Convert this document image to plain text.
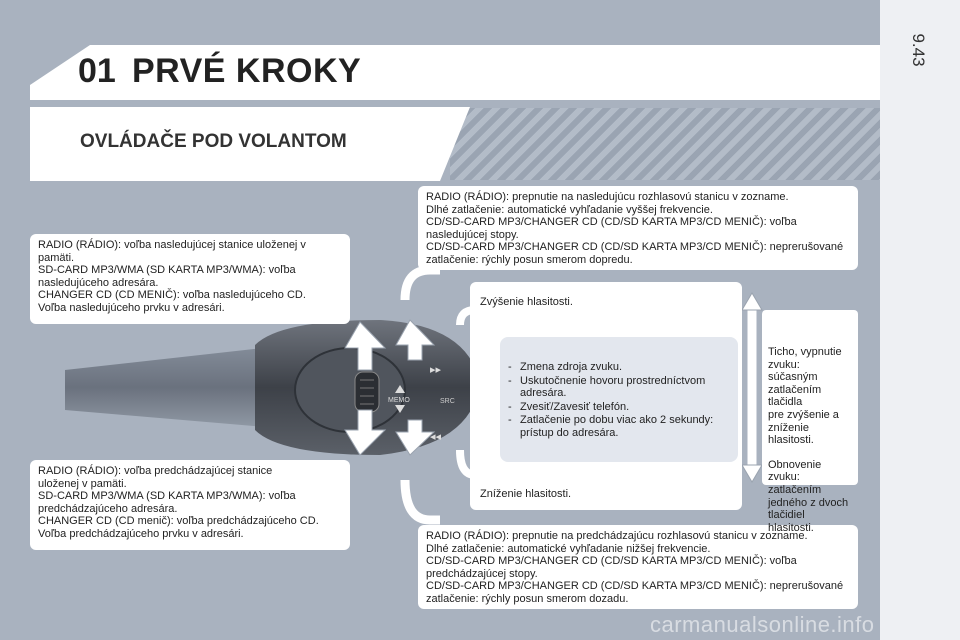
9.43
01 PRVÉ KROKY
OVLÁDAČE POD VOLANTOM
MEMO	SRC
▸▸
◂◂

RADIO (RÁDIO): voľba nasledujúcej stanice uloženej v
pamäti.
SD-CARD MP3/WMA (SD KARTA MP3/WMA): voľba
nasledujúceho adresára.
CHANGER CD (CD MENIČ): voľba nasledujúceho CD.
Voľba nasledujúceho prvku v adresári.

RADIO (RÁDIO): voľba predchádzajúcej stanice
uloženej v pamäti.
SD-CARD MP3/WMA (SD KARTA MP3/WMA): voľba
predchádzajúceho adresára.
CHANGER CD (CD menič): voľba predchádzajúceho CD.
Voľba predchádzajúceho prvku v adresári.

RADIO (RÁDIO): prepnutie na nasledujúcu rozhlasovú stanicu v zozname.
Dlhé zatlačenie: automatické vyhľadanie vyššej frekvencie.
CD/SD-CARD MP3/CHANGER CD (CD/SD KARTA MP3/CD MENIČ): voľba
nasledujúcej stopy.
CD/SD-CARD MP3/CHANGER CD (CD/SD KARTA MP3/CD MENIČ): neprerušované
zatlačenie: rýchly posun smerom dopredu.

RADIO (RÁDIO): prepnutie na predchádzajúcu rozhlasovú stanicu v zozname.
Dlhé zatlačenie: automatické vyhľadanie nižšej frekvencie.
CD/SD-CARD MP3/CHANGER CD (CD/SD KARTA MP3/CD MENIČ): voľba
predchádzajúcej stopy.
CD/SD-CARD MP3/CHANGER CD (CD/SD KARTA MP3/CD MENIČ): neprerušované
zatlačenie: rýchly posun smerom dozadu.

Zvýšenie hlasitosti.

- Zmena zdroja zvuku.
- Uskutočnenie hovoru prostredníctvom
adresára.
- Zvesiť/Zavesiť telefón.
- Zatlačenie po dobu viac ako 2 sekundy:
prístup do adresára.

Zníženie hlasitosti.

Ticho, vypnutie zvuku:
súčasným zatlačením tlačidla
pre zvýšenie a zníženie
hlasitosti.

Obnovenie zvuku: zatlačením
jedného z dvoch tlačidiel
hlasitosti.

carmanualsonline.info
